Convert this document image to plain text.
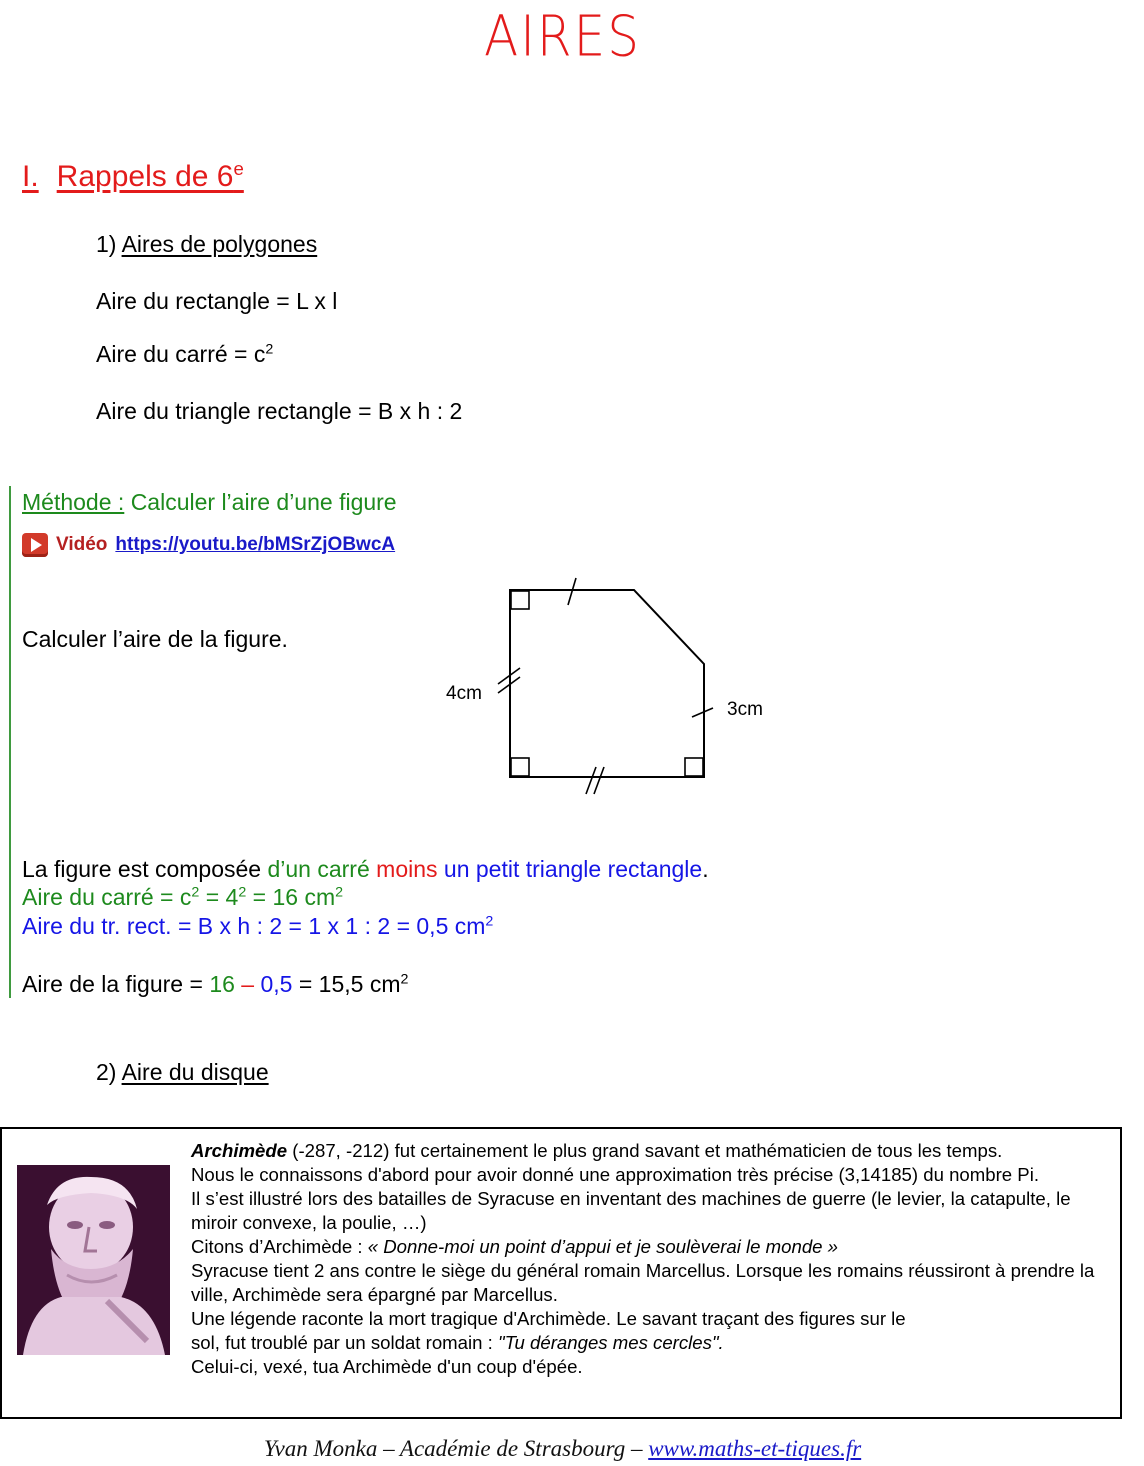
AIRES
I. Rappels de 6e
1) Aires de polygones
Aire du rectangle = L x l
Aire du carré = $c^2$
Aire du triangle rectangle = B x h : 2
Méthode : Calculer l’aire d’une figure
Vidéo https://youtu.be/bMSrZjOBwcA
Calculer l’aire de la figure.
4cm
3cm
La figure est composée d’un carré moins un petit triangle rectangle.
Aire du carré = $c^2 = 4^2 = 16$ $cm^2$
Aire du tr. rect. = B x h : 2 = 1 x 1 : 2 = 0,5 $cm^2$
Aire de la figure = 16 – 0,5 = 15,5 $cm^2$
2) Aire du disque

Archimède (-287, -212) fut certainement le plus grand savant et mathématicien de tous les temps.

Nous le connaissons d'abord pour avoir donné une approximation très précise (3,14185) du nombre Pi.

Il s’est illustré lors des batailles de Syracuse en inventant des machines de guerre (le levier, la catapulte, le miroir convexe, la poulie, …)

Citons d’Archimède : « Donne-moi un point d’appui et je soulèverai le monde »

Syracuse tient 2 ans contre le siège du général romain Marcellus. Lorsque les romains réussiront à prendre la ville, Archimède sera épargné par Marcellus.

Une légende raconte la mort tragique d'Archimède. Le savant traçant des figures sur le

sol, fut troublé par un soldat romain : "Tu déranges mes cercles".

Celui-ci, vexé, tua Archimède d'un coup d'épée.

Yvan Monka – Académie de Strasbourg – www.maths-et-tiques.fr
